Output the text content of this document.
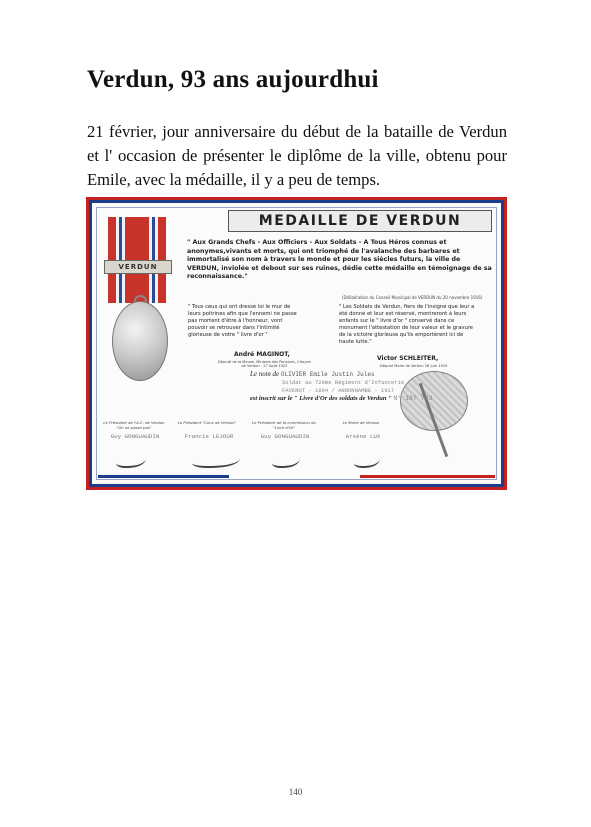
Verdun, 93 ans aujourdhui

21 février, jour anniversaire du début de la bataille de Verdun et l' occasion de présenter le diplôme de la ville, obtenu pour Emile, avec la médaille, il y a peu de temps.

MEDAILLE DE VERDUN
VERDUN
" Aux Grands Chefs - Aux Officiers - Aux Soldats - A Tous Héros connus et anonymes,vivants et morts, qui ont triomphé de l'avalanche des barbares et immortalisé son nom à travers le monde et pour les siècles futurs, la ville de VERDUN, inviolée et debout sur ses ruines, dédie cette médaille en témoignage de sa reconnaissance."
(Délibération du Conseil Municipal de VERDUN du 20 novembre 1916)
" Tous ceux qui ont dressé loi le mur de leurs poitrines afin que l'ennemi ne passe pas mortent d'être à l'honneur, vont pouvoir se retrouver dans l'intimité glorieuse de votre " livre d'or "
" Les Soldats de Verdun, fiers de l'insigne que leur a été donné et leur est réservé, montreront à leurs enfants sur le " livre d'or " conservé dans ce monument l'attestation de leur valeur et le gravure de la victoire glorieuse qu'ils emportèrent ici de haute lutte."
André MAGINOT,
Député de la Meuse, Ministre des Pensions, Citoyen de Verdun - 27 Août 1922
Victor SCHLEITER,
Député Maire de Verdun 28 juin 1929
Le nom de OLIVIER Emile Justin Jules
Soldat au 72ème Régiment d'Infanterie
FAVEROT - 1894 / ANNONNAMBE - 1917
est inscrit sur le " Livre d'Or des soldats de Verdun " N° 187 733
Le Président de l'A.C. de Verdun "On ne passe pas"
Le Président "Ceux de Verdun"	Le Président de la commission du "Livre d'Or"
Le Maire de Verdun
Guy GONGUAUDIN	Francis LEJOUR	Guy GONGUAUDIN	Arsène LUX
140
